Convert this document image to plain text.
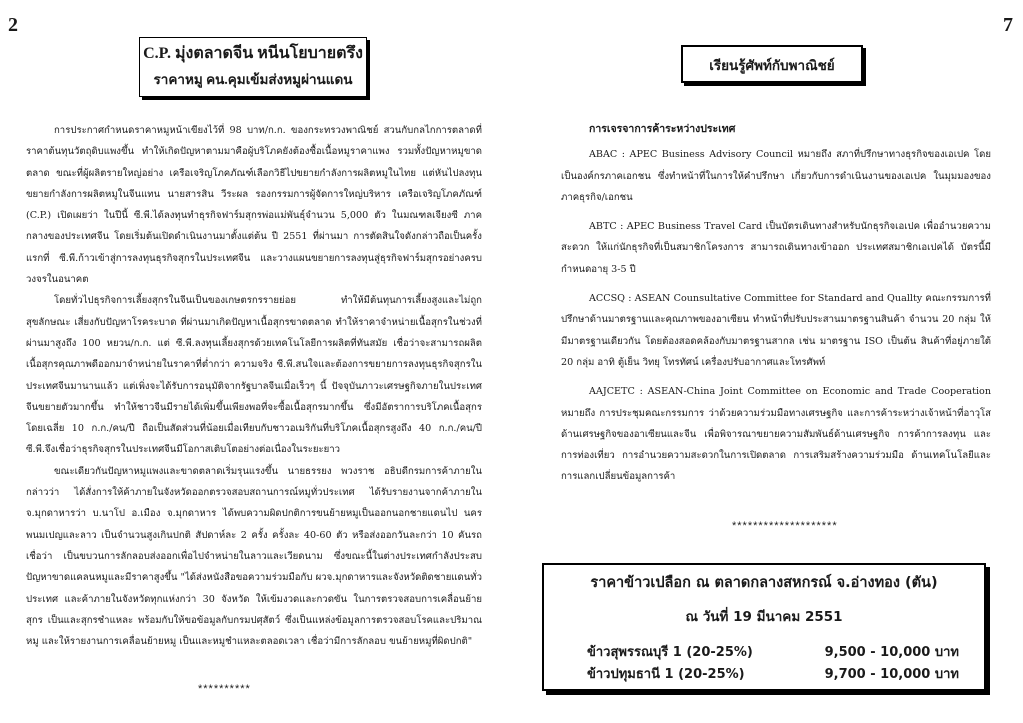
2
C.P. มุ่งตลาดจีน หนีนโยบายตรึง
ราคาหมู คน.คุมเข้มส่งหมูผ่านแดน

การประกาศกำหนดราคาหมูหน้าเขียงไว้ที่ 98 บาท/ก.ก. ของกระทรวงพาณิชย์ สวนกับกลไกการตลาดที่ราคาต้นทุนวัตถุดิบแพงขึ้น ทำให้เกิดปัญหาตามมาคือผู้บริโภคยังต้องซื้อเนื้อหมูราคาแพง รวมทั้งปัญหาหมูขาดตลาด ขณะที่ผู้ผลิตรายใหญ่อย่าง เครือเจริญโภคภัณฑ์เลือกวิธีไปขยายกำลังการผลิตหมูในไทย แต่หันไปลงทุนขยายกำลังการผลิตหมูในจีนแทน นายสารสิน วีระผล รองกรรมการผู้จัดการใหญ่บริหาร เครือเจริญโภคภัณฑ์ (C.P.) เปิดเผยว่า ในปีนี้ ซี.พี.ได้ลงทุนทำธุรกิจฟาร์มสุกรพ่อแม่พันธุ์จำนวน 5,000 ตัว ในมณฑลเจียงซี ภาคกลางของประเทศจีน โดยเริ่มต้นเปิดดำเนินงานมาตั้งแต่ต้น ปี 2551 ที่ผ่านมา การตัดสินใจดังกล่าวถือเป็นครั้งแรกที่ ซี.พี.ก้าวเข้าสู่การลงทุนธุรกิจสุกรในประเทศจีน และวางแผนขยายการลงทุนสู่ธุรกิจฟาร์มสุกรอย่างครบวงจรในอนาคต

โดยทั่วไปธุรกิจการเลี้ยงสุกรในจีนเป็นของเกษตรกรรายย่อย ทำให้มีต้นทุนการเลี้ยงสูงและไม่ถูกสุขลักษณะ เสี่ยงกับปัญหาโรคระบาด ที่ผ่านมาเกิดปัญหาเนื้อสุกรขาดตลาด ทำให้ราคาจำหน่ายเนื้อสุกรในช่วงที่ผ่านมาสูงถึง 100 หยวน/ก.ก. แต่ ซี.พี.ลงทุนเลี้ยงสุกรด้วยเทคโนโลยีการผลิตที่ทันสมัย เชื่อว่าจะสามารถผลิตเนื้อสุกรคุณภาพดีออกมาจำหน่ายในราคาที่ต่ำกว่า ความจริง ซี.พี.สนใจและต้องการขยายการลงทุนธุรกิจสุกรในประเทศจีนมานานแล้ว แต่เพิ่งจะได้รับการอนุมัติจากรัฐบาลจีนเมื่อเร็วๆ นี้ ปัจจุบันภาวะเศรษฐกิจภายในประเทศจีนขยายตัวมากขึ้น ทำให้ชาวจีนมีรายได้เพิ่มขึ้นเพียงพอที่จะซื้อเนื้อสุกรมากขึ้น ซึ่งมีอัตราการบริโภคเนื้อสุกรโดยเฉลี่ย 10 ก.ก./คน/ปี ถือเป็นสัดส่วนที่น้อยเมื่อเทียบกับชาวอเมริกันที่บริโภคเนื้อสุกรสูงถึง 40 ก.ก./คน/ปี ซี.พี.จึงเชื่อว่าธุรกิจสุกรในประเทศจีนมีโอกาสเติบโตอย่างต่อเนื่องในระยะยาว

ขณะเดียวกันปัญหาหมูแพงและขาดตลาดเริ่มรุนแรงขึ้น นายธรรยง พวงราช อธิบดีกรมการค้าภายใน กล่าวว่า ได้สั่งการให้ค้าภายในจังหวัดออกตรวจสอบสถานการณ์หมูทั่วประเทศ ได้รับรายงานจากค้าภายใน จ.มุกดาหารว่า บ.นาโป อ.เมือง จ.มุกดาหาร ได้พบความผิดปกติการขนย้ายหมูเป็นออกนอกชายแดนไป นครพนมเปญและลาว เป็นจำนวนสูงเกินปกติ สัปดาห์ละ 2 ครั้ง ครั้งละ 40-60 ตัว หรือส่งออกวันละกว่า 10 คันรถ เชื่อว่า เป็นขบวนการลักลอบส่งออกเพื่อไปจำหน่ายในลาวและเวียดนาม ซึ่งขณะนี้ในต่างประเทศกำลังประสบปัญหาขาดแคลนหมูและมีราคาสูงขึ้น "ได้ส่งหนังสือขอความร่วมมือกับ ผวจ.มุกดาหารและจังหวัดติดชายแดนทั่วประเทศ และค้าภายในจังหวัดทุกแห่งกว่า 30 จังหวัด ให้เข้มงวดและกวดขัน ในการตรวจสอบการเคลื่อนย้ายสุกร เป็นและสุกรชำแหละ พร้อมกับให้ขอข้อมูลกับกรมปศุสัตว์ ซึ่งเป็นแหล่งข้อมูลการตรวจสอบโรคและปริมาณหมู และให้รายงานการเคลื่อนย้ายหมู เป็นและหมูชำแหละตลอดเวลา เชื่อว่ามีการลักลอบ ขนย้ายหมูที่ผิดปกติ"

**********
7
เรียนรู้ศัพท์กับพาณิชย์

การเจรจาการค้าระหว่างประเทศ

ABAC : APEC Business Advisory Council หมายถึง สภาที่ปรึกษาทางธุรกิจของเอเปค โดยเป็นองค์กรภาคเอกชน ซึ่งทำหน้าที่ในการให้คำปรึกษา เกี่ยวกับการดำเนินงานของเอเปค ในมุมมองของภาคธุรกิจ/เอกชน

ABTC : APEC Business Travel Card เป็นบัตรเดินทางสำหรับนักธุรกิจเอเปค เพื่ออำนวยความสะดวก ให้แก่นักธุรกิจที่เป็นสมาชิกโครงการ สามารถเดินทางเข้าออก ประเทศสมาชิกเอเปคได้ บัตรนี้มีกำหนดอายุ 3-5 ปี

ACCSQ : ASEAN Counsultative Committee for Standard and Quallty คณะกรรมการที่ปรึกษาด้านมาตรฐานและคุณภาพของอาเซียน ทำหน้าที่ปรับประสานมาตรฐานสินค้า จำนวน 20 กลุ่ม ให้มีมาตรฐานเดียวกัน โดยต้องสอดคล้องกับมาตรฐานสากล เช่น มาตรฐาน ISO เป็นต้น สินค้าที่อยู่ภายใต้ 20 กลุ่ม อาทิ ตู้เย็น วิทยุ โทรทัศน์ เครื่องปรับอากาศและโทรศัพท์

AAJCETC : ASEAN-China Joint Committee on Economic and Trade Cooperation หมายถึง การประชุมคณะกรรมการ ว่าด้วยความร่วมมือทางเศรษฐกิจ และการค้าระหว่างเจ้าหน้าที่อาวุโส ด้านเศรษฐกิจของอาเซียนและจีน เพื่อพิจารณาขยายความสัมพันธ์ด้านเศรษฐกิจ การค้าการลงทุน และการท่องเที่ยว การอำนวยความสะดวกในการเปิดตลาด การเสริมสร้างความร่วมมือ ด้านเทคโนโลยีและการแลกเปลี่ยนข้อมูลการค้า

********************
ราคาข้าวเปลือก ณ ตลาดกลางสหกรณ์ จ.อ่างทอง (ตัน)
ณ วันที่ 19 มีนาคม 2551
ข้าวสุพรรณบุรี 1 (20-25%)	9,500 - 10,000 บาท
ข้าวปทุมธานี 1 (20-25%)	9,700 - 10,000 บาท
